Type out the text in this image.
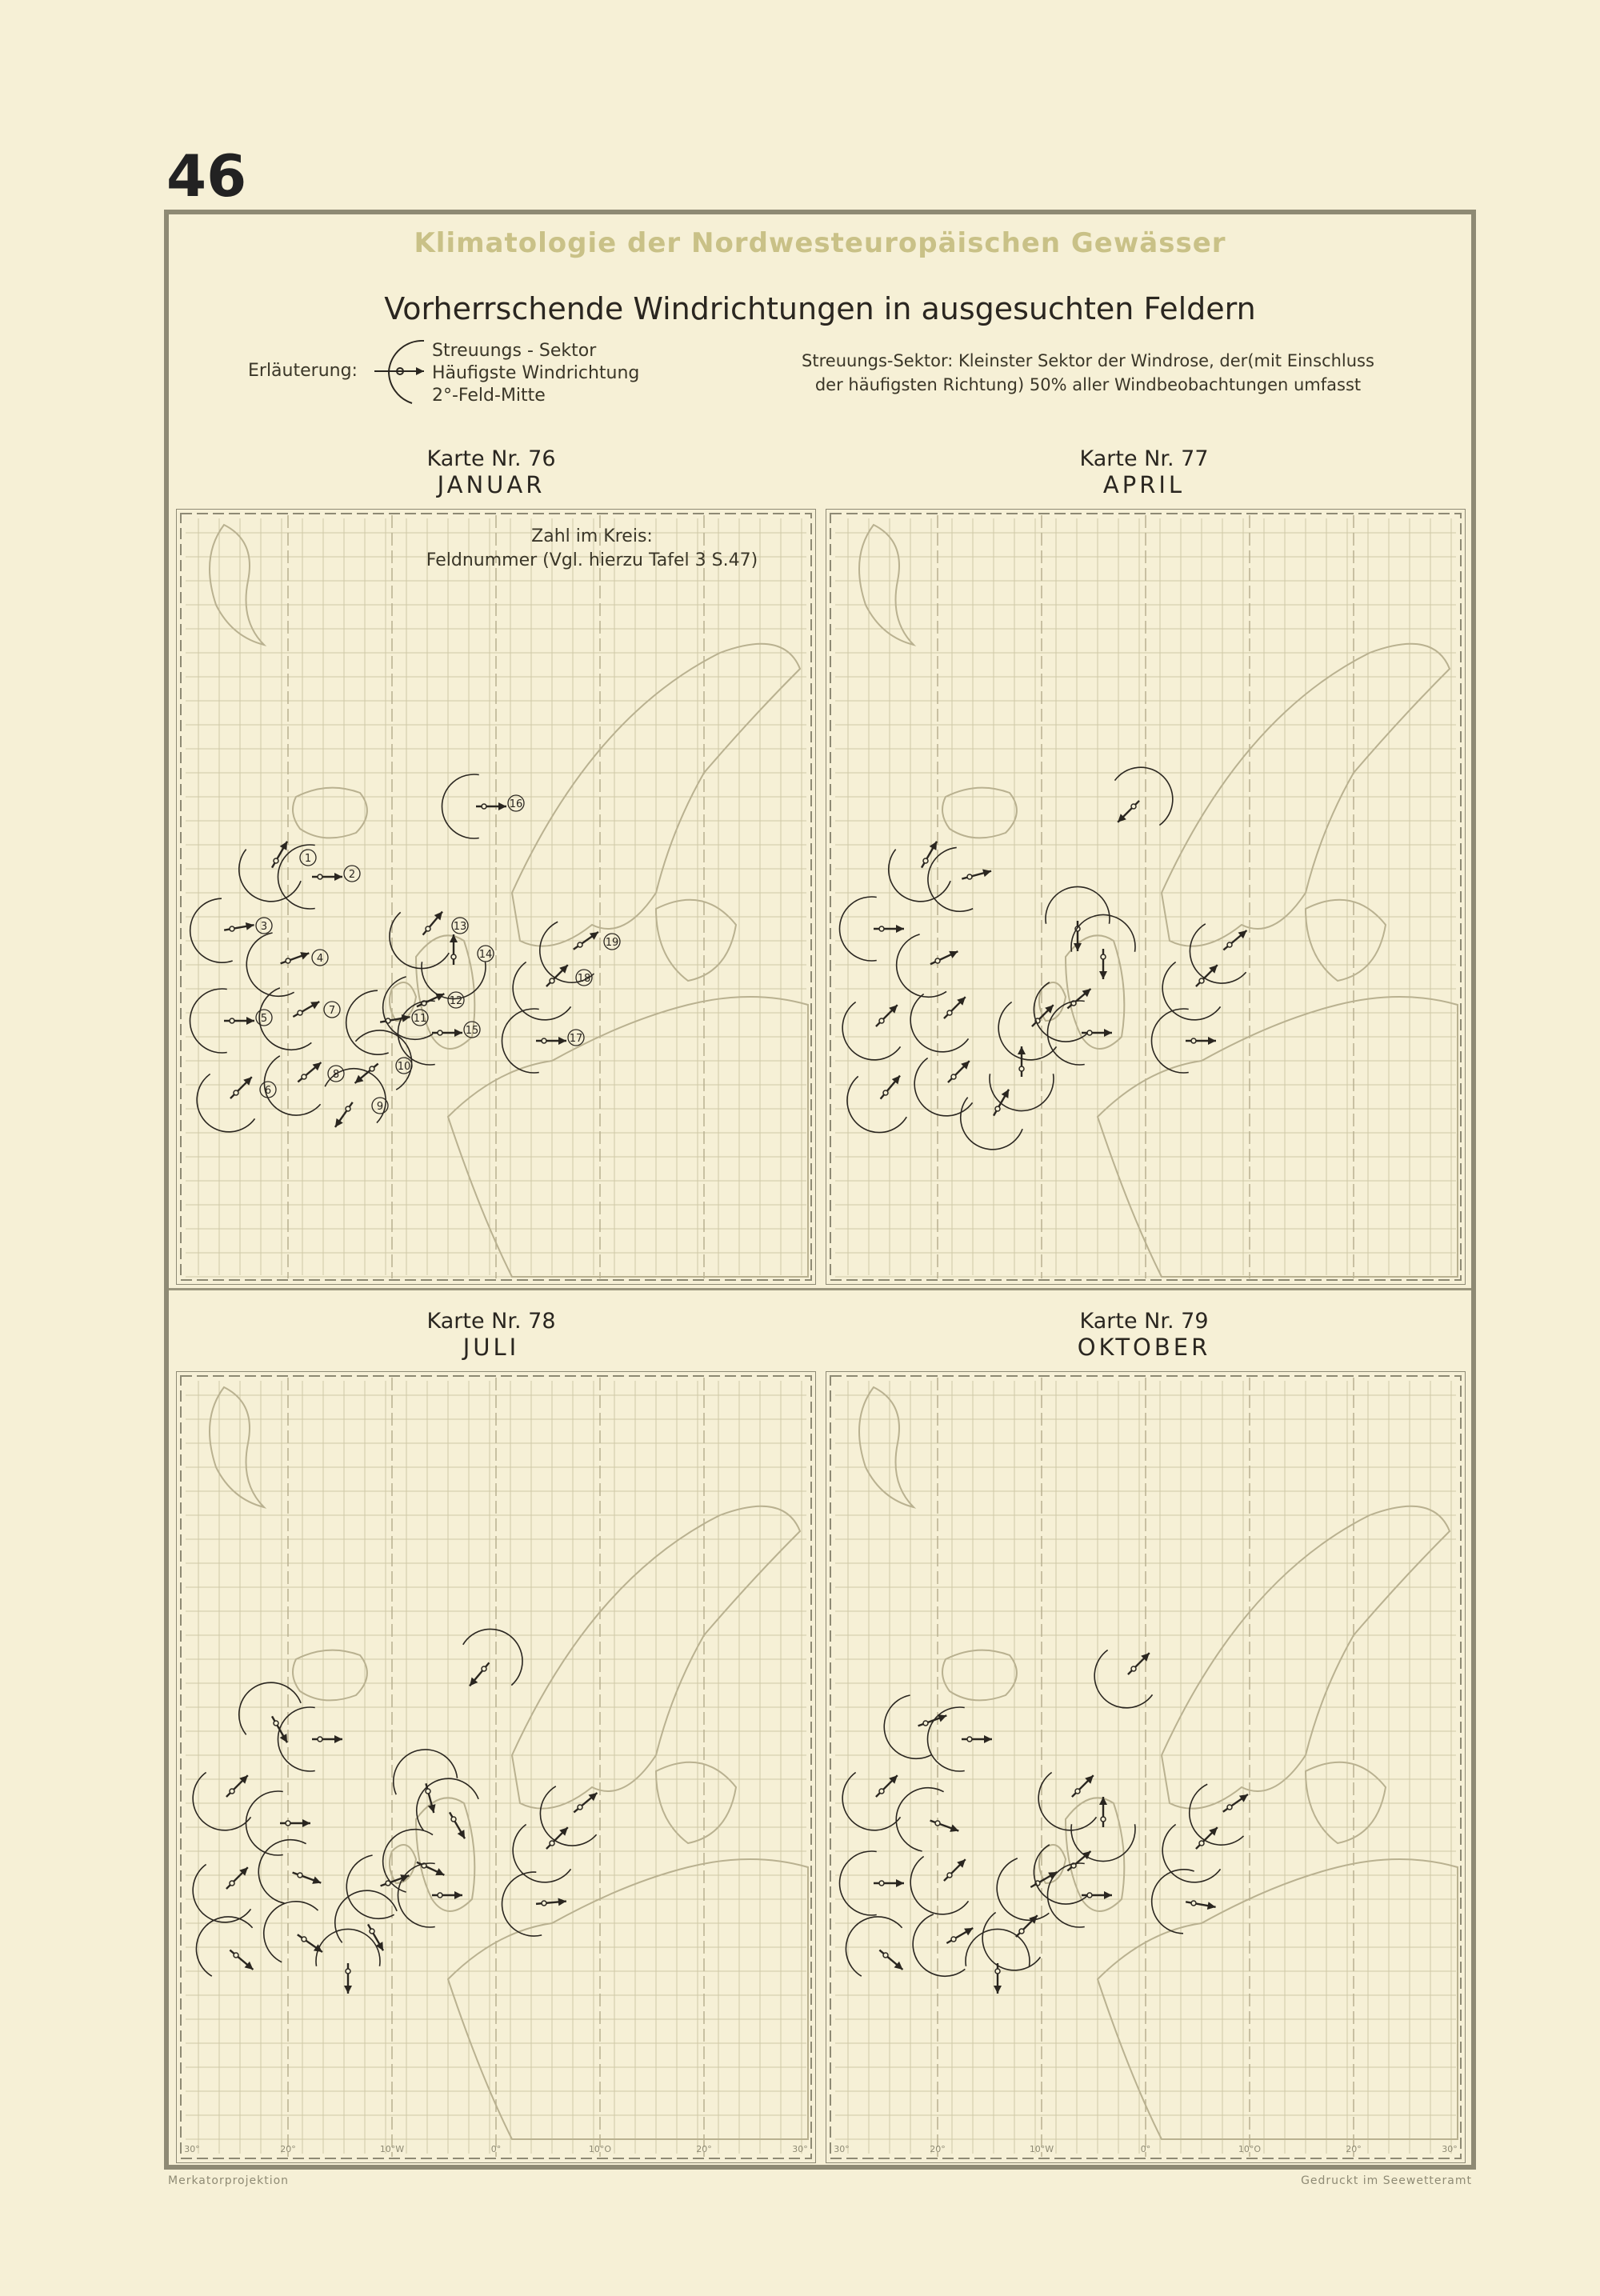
46
Klimatologie der Nordwesteuropäischen Gewässer
Vorherrschende Windrichtungen in ausgesuchten Feldern
Erläuterung:
Streuungs - Sektor
Häufigste Windrichtung
2°-Feld-Mitte
Streuungs-Sektor: Kleinster Sektor der Windrose, der(mit Einschluss
der häufigsten Richtung) 50% aller Windbeobachtungen umfasst
Karte Nr. 76
JANUAR
Karte Nr. 77
APRIL
Karte Nr. 78
JULI
Karte Nr. 79
OKTOBER
1
2
3
4
5
6
7
8
9
10
11
12
13
14
15
16
17
18
19
30°	20°	10°W	0°	10°O	20°	30°	30°	20°	10°W	0°	10°O	20°	30°
Zahl im Kreis:
Feldnummer (Vgl. hierzu Tafel 3 S.47)
Merkatorprojektion	Gedruckt im Seewetteramt
